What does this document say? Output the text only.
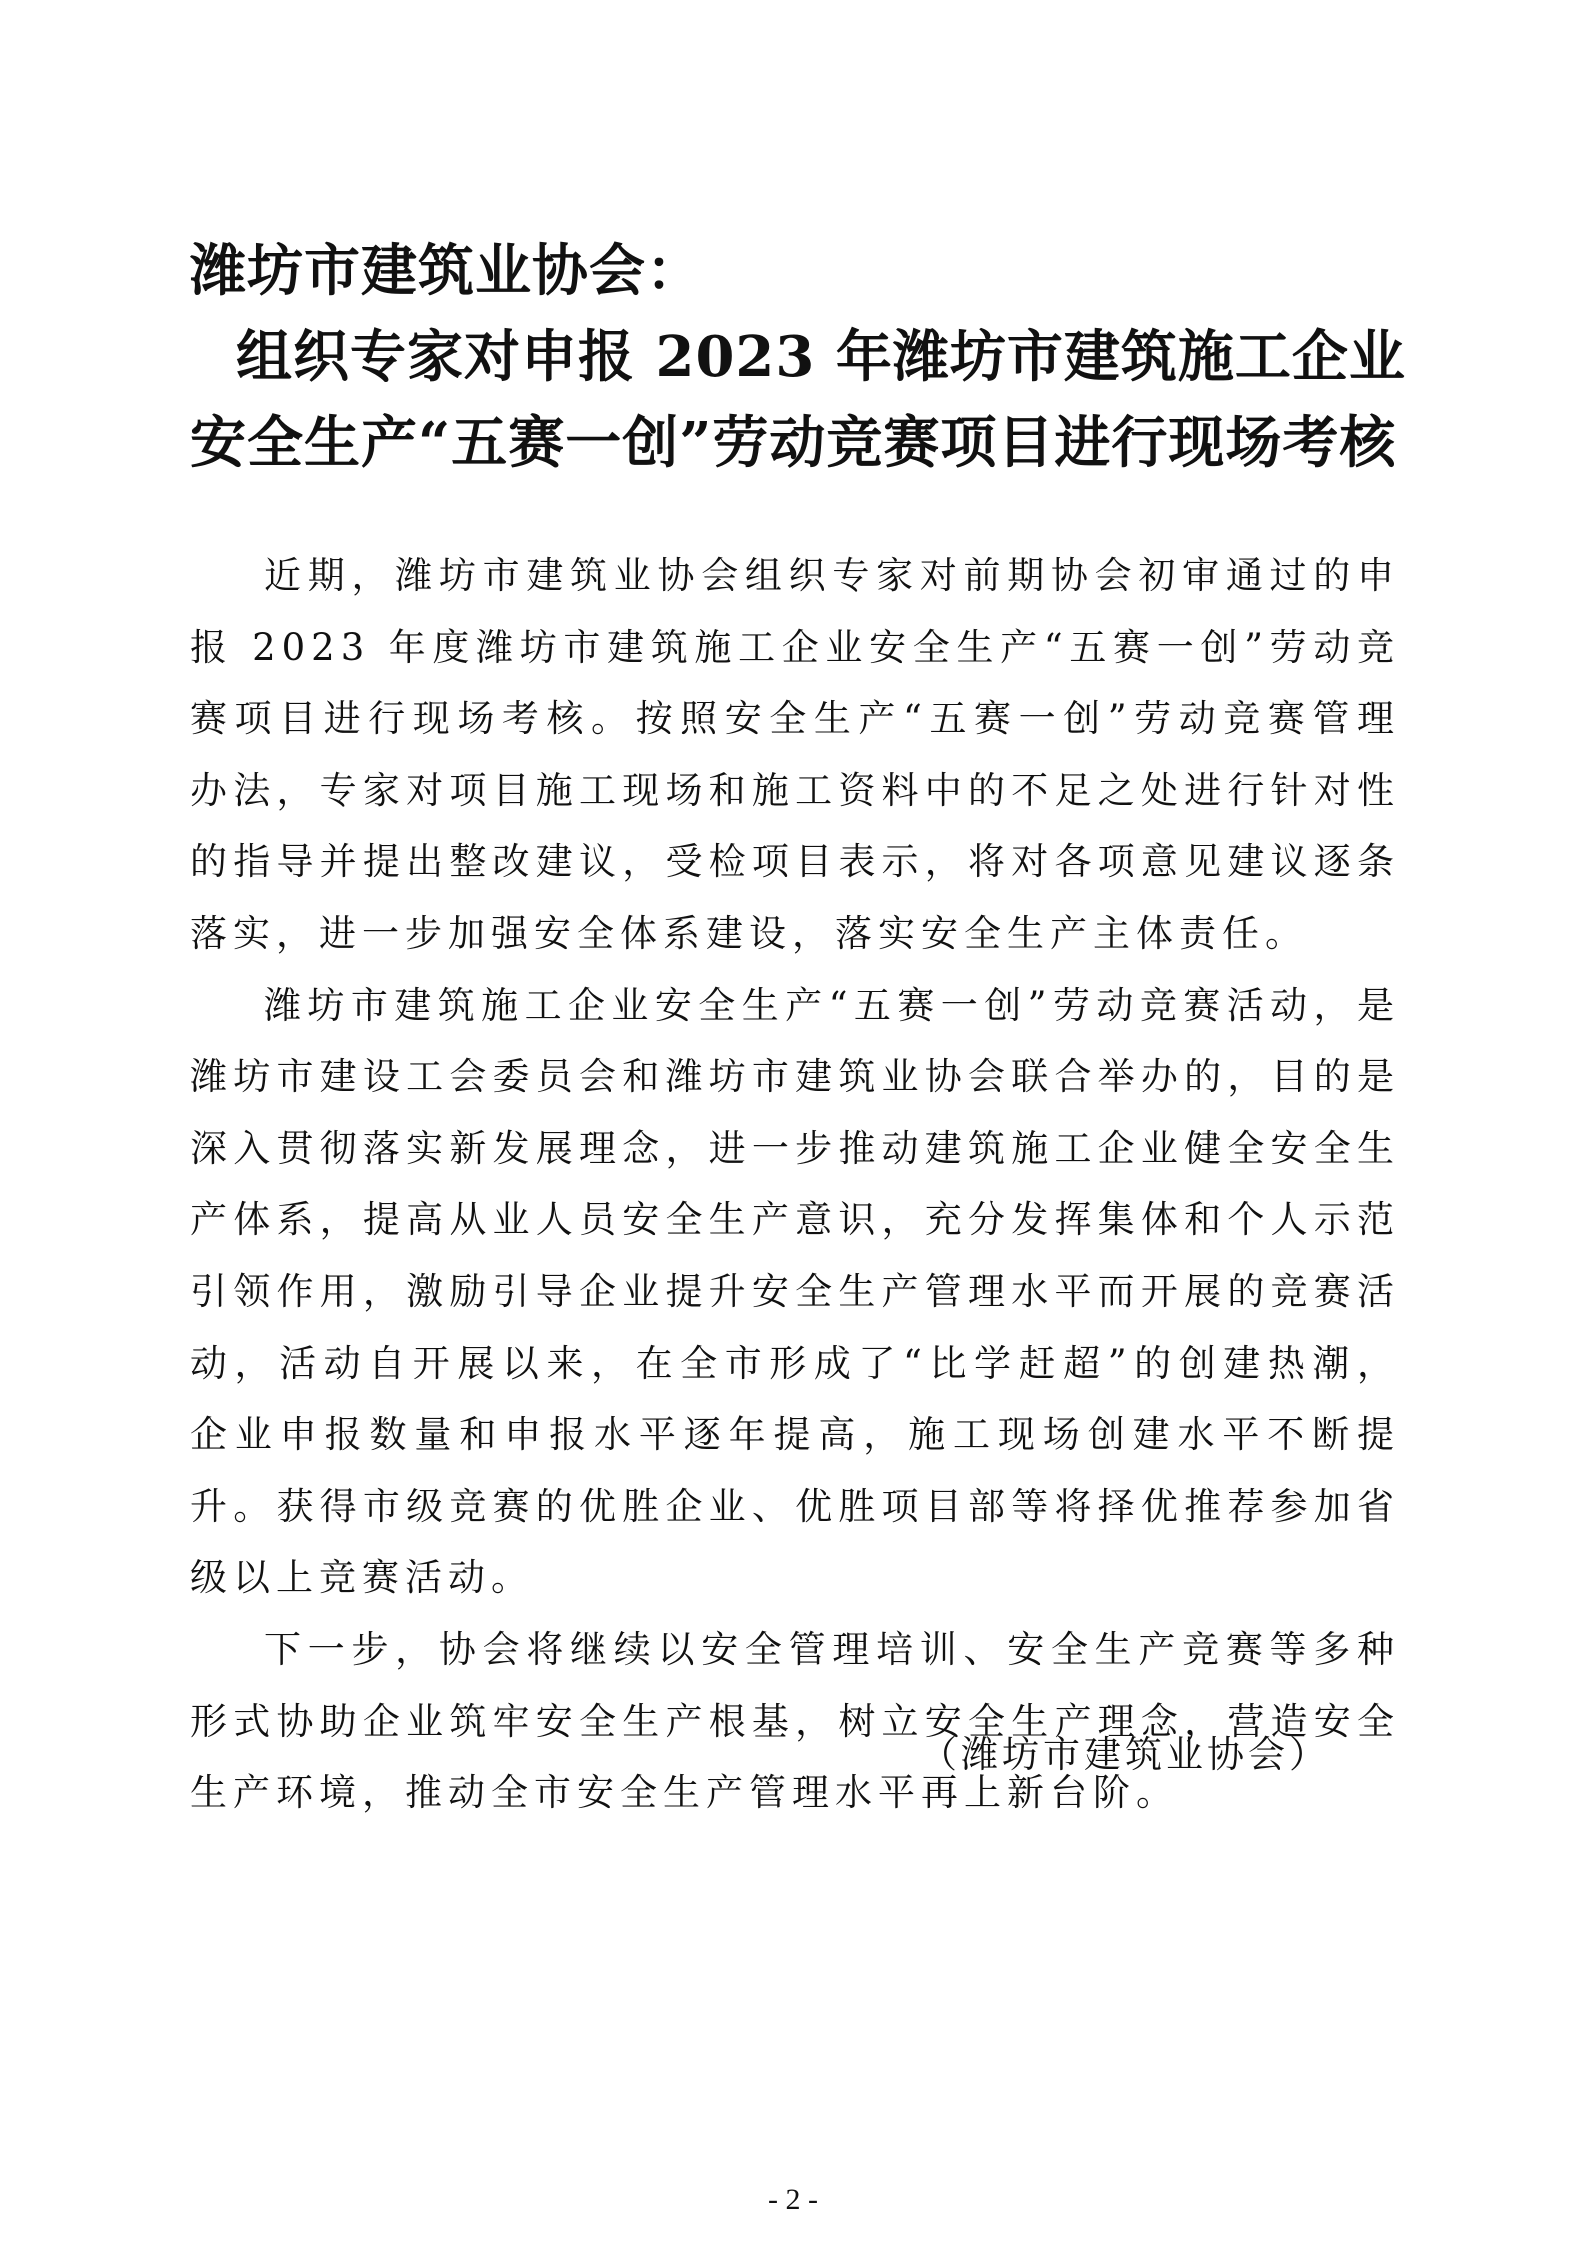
潍坊市建筑业协会：
组织专家对申报 2023 年潍坊市建筑施工企业
安全生产“五赛一创”劳动竞赛项目进行现场考核

近期，潍坊市建筑业协会组织专家对前期协会初审通过的申报 2023 年度潍坊市建筑施工企业安全生产“五赛一创”劳动竞赛项目进行现场考核。按照安全生产“五赛一创”劳动竞赛管理办法，专家对项目施工现场和施工资料中的不足之处进行针对性的指导并提出整改建议，受检项目表示，将对各项意见建议逐条落实，进一步加强安全体系建设，落实安全生产主体责任。

潍坊市建筑施工企业安全生产“五赛一创”劳动竞赛活动，是潍坊市建设工会委员会和潍坊市建筑业协会联合举办的，目的是深入贯彻落实新发展理念，进一步推动建筑施工企业健全安全生产体系，提高从业人员安全生产意识，充分发挥集体和个人示范引领作用，激励引导企业提升安全生产管理水平而开展的竞赛活动，活动自开展以来，在全市形成了“比学赶超”的创建热潮，企业申报数量和申报水平逐年提高，施工现场创建水平不断提升。获得市级竞赛的优胜企业、优胜项目部等将择优推荐参加省级以上竞赛活动。

下一步，协会将继续以安全管理培训、安全生产竞赛等多种形式协助企业筑牢安全生产根基，树立安全生产理念，营造安全生产环境，推动全市安全生产管理水平再上新台阶。

（潍坊市建筑业协会）
- 2 -
